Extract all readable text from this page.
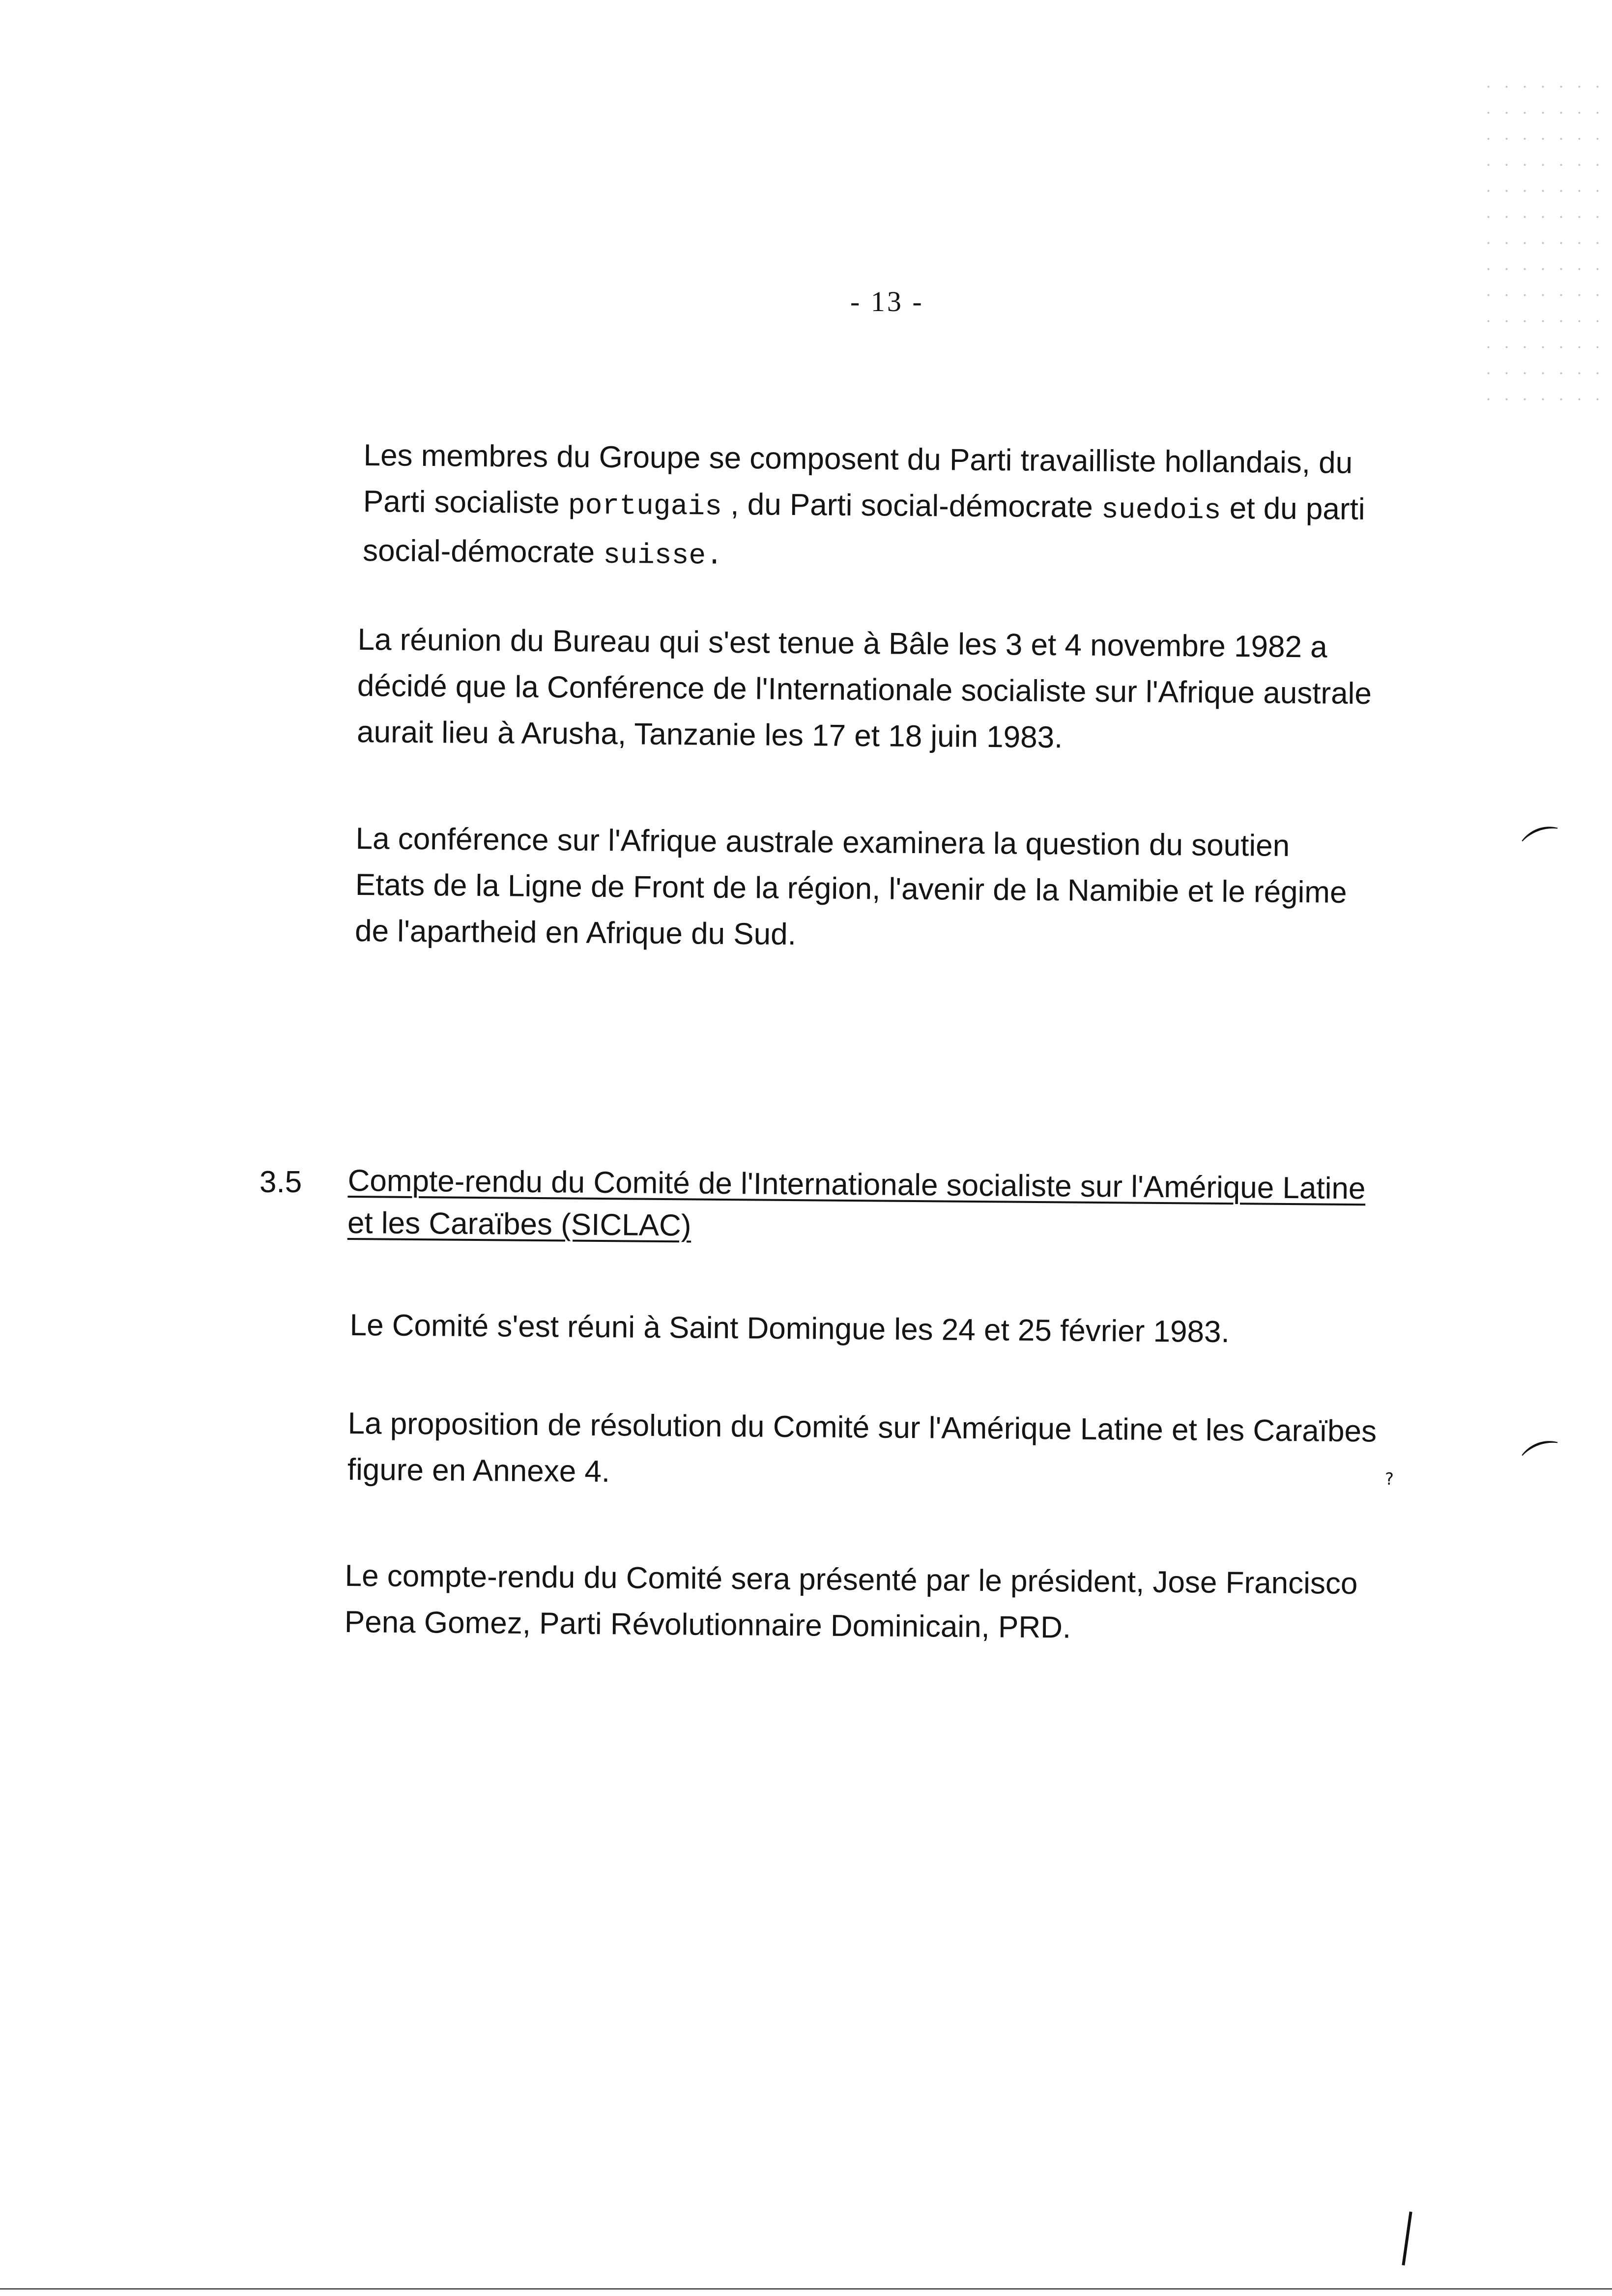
- 13 -

Les membres du Groupe se composent du Parti travailliste hollandais, du
Parti socialiste portugais , du Parti social-démocrate suedois et du parti
social-démocrate suisse.

La réunion du Bureau qui s'est tenue à Bâle les 3 et 4 novembre 1982 a
décidé que la Conférence de l'Internationale socialiste sur l'Afrique australe
aurait lieu à Arusha, Tanzanie les 17 et 18 juin 1983.

La conférence sur l'Afrique australe examinera la question du soutien
Etats de la Ligne de Front de la région, l'avenir de la Namibie et le régime
de l'apartheid en Afrique du Sud.

3.5 Compte-rendu du Comité de l'Internationale socialiste sur l'Amérique Latine
et les Caraïbes (SICLAC)

Le Comité s'est réuni à Saint Domingue les 24 et 25 février 1983.

La proposition de résolution du Comité sur l'Amérique Latine et les Caraïbes
figure en Annexe 4.

Le compte-rendu du Comité sera présenté par le président, Jose Francisco
Pena Gomez, Parti Révolutionnaire Dominicain, PRD.

⌒
⌒
?
